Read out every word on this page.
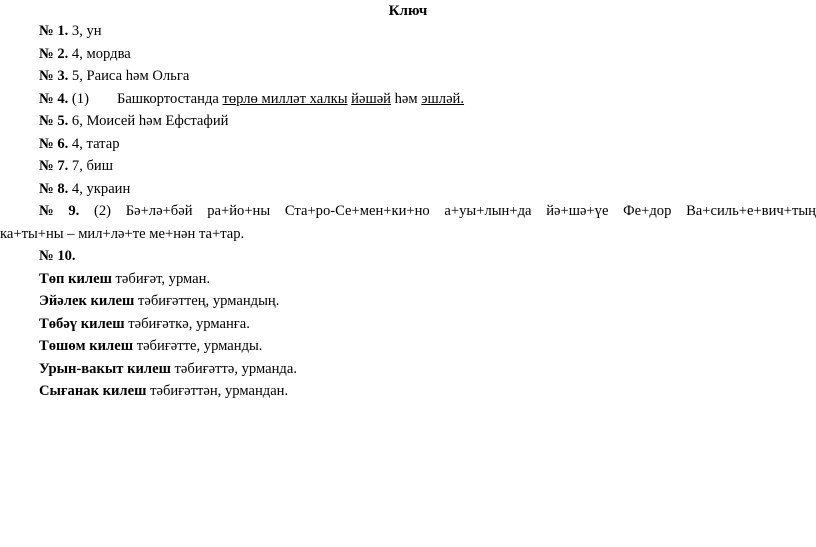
Ключ
№ 1. 3, ун
№ 2. 4, мордва
№ 3. 5, Раиса һәм Ольга
№ 4. (1) Башкортостанда төрлө милләт халкы йәшәй һәм эшләй.
№ 5. 6, Моисей һәм Ефстафий
№ 6. 4, татар
№ 7. 7, биш
№ 8. 4, украин
№ 9. (2) Бә+лә+бәй ра+йо+ны Ста+ро-Се+мен+ки+но а+уы+лын+да йә+шә+үе Фе+дор Ва+силь+е+вич+тың
ка+ты+ны – мил+лә+те ме+нән та+тар.
№ 10.
Төп килеш тәбиғәт, урман.
Эйәлек килеш тәбиғәттең, урмандың.
Төбәү килеш тәбиғәткә, урманға.
Төшөм килеш тәбиғәтте, урманды.
Урын-вакыт килеш тәбиғәттә, урманда.
Сығанак килеш тәбиғәттән, урмандан.
